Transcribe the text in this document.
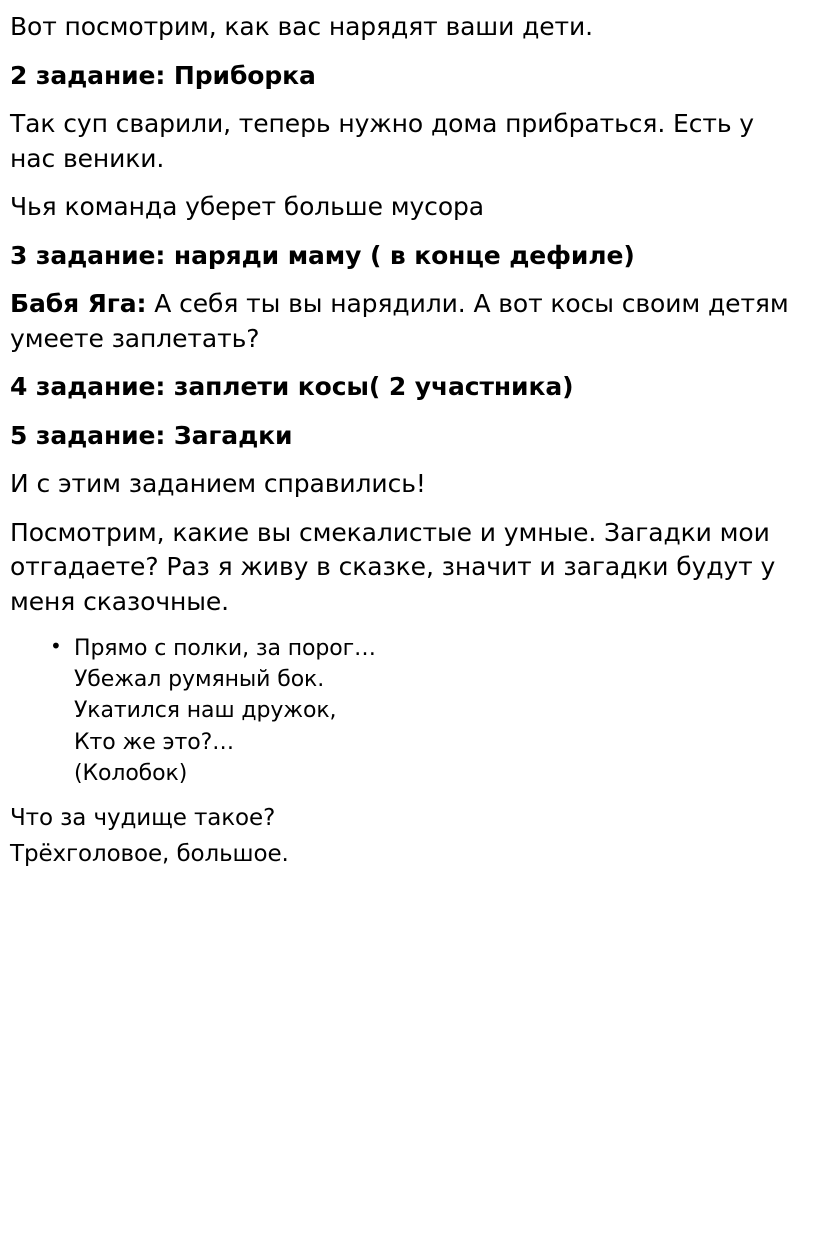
Вот посмотрим, как вас нарядят ваши дети.

2 задание: Приборка

Так суп сварили, теперь нужно дома прибраться. Есть у нас веники.

Чья команда уберет больше мусора

3 задание: наряди маму ( в конце дефиле)

Бабя Яга: А себя ты вы нарядили. А вот косы своим детям умеете заплетать?

4 задание: заплети косы( 2 участника)

5 задание: Загадки

И с этим заданием справились!

Посмотрим, какие вы смекалистые и умные. Загадки мои отгадаете? Раз я живу в сказке, значит и загадки будут у меня сказочные.

• Прямо с полки, за порог…
Убежал румяный бок.
Укатился наш дружок,
Кто же это?…
(Колобок)

Что за чудище такое?

Трёхголовое, большое.
